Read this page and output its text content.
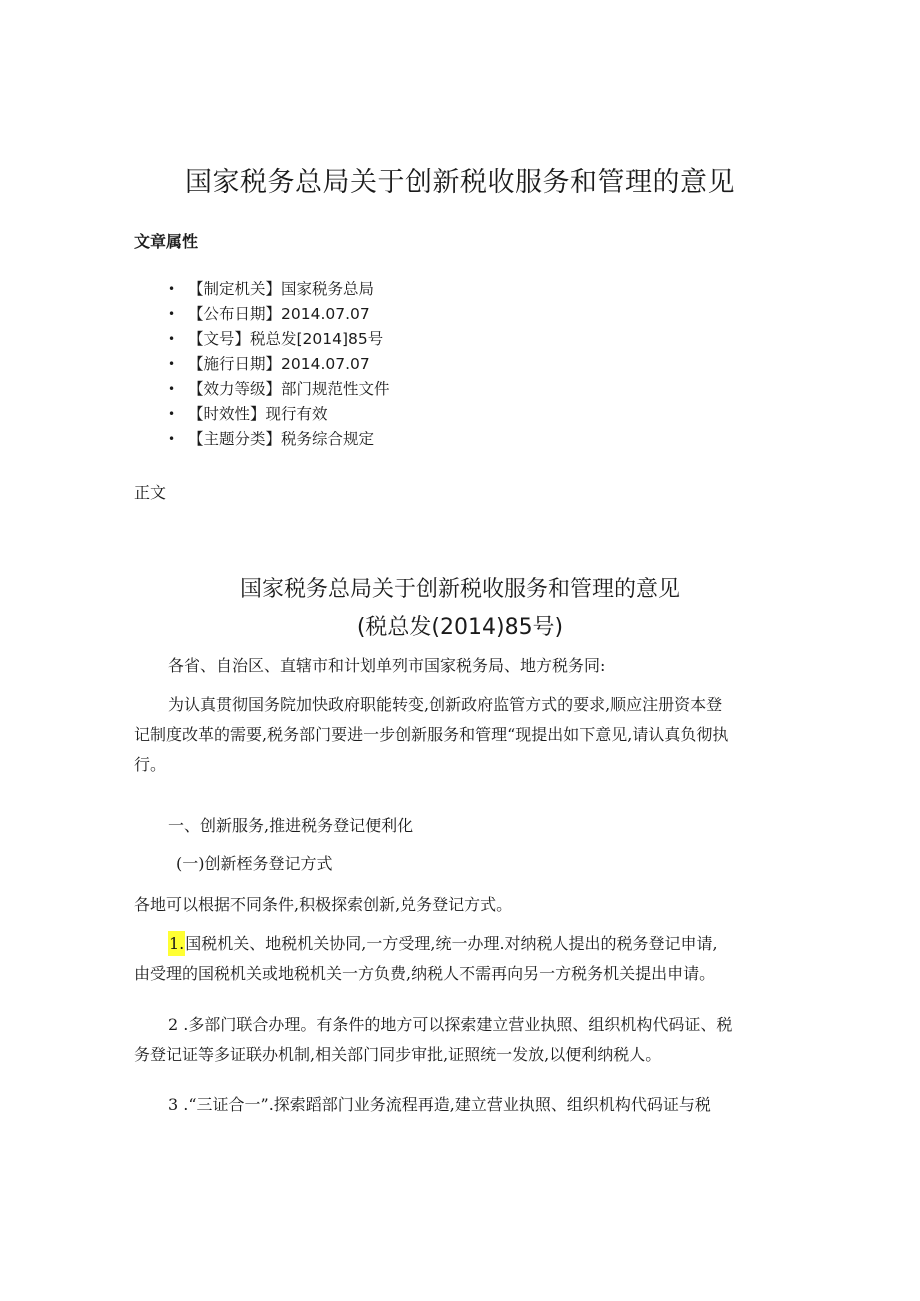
国家税务总局关于创新税收服务和管理的意见
文章属性
• 【制定机关】国家税务总局
• 【公布日期】2014.07.07
• 【文号】税总发[2014]85号
• 【施行日期】2014.07.07
• 【效力等级】部门规范性文件
• 【时效性】现行有效
• 【主题分类】税务综合规定
正文
国家税务总局关于创新税收服务和管理的意见
(税总发(2014)85号)
各省、自治区、直辖市和计划单列市国家税务局、地方税务同:
为认真贯彻国务院加快政府职能转变,创新政府监管方式的要求,顺应注册资本登
记制度改革的需要,税务部门要进一步创新服务和管理“现提出如下意见,请认真负彻执
行。
一、创新服务,推进税务登记便利化
(一)创新桎务登记方式
各地可以根据不同条件,积极探索创新,兑务登记方式。
1.国税机关、地税机关协同,一方受理,统一办理.对纳税人提出的税务登记申请,
由受理的国税机关或地税机关一方负费,纳税人不需再向另一方税务机关提出申请。
2 .多部门联合办理。有条件的地方可以探索建立营业执照、组织机构代码证、税
务登记证等多证联办机制,相关部门同步审批,证照统一发放,以便利纳税人。
3 .“三证合一”.探索蹈部门业务流程再造,建立营业执照、组织机构代码证与税
